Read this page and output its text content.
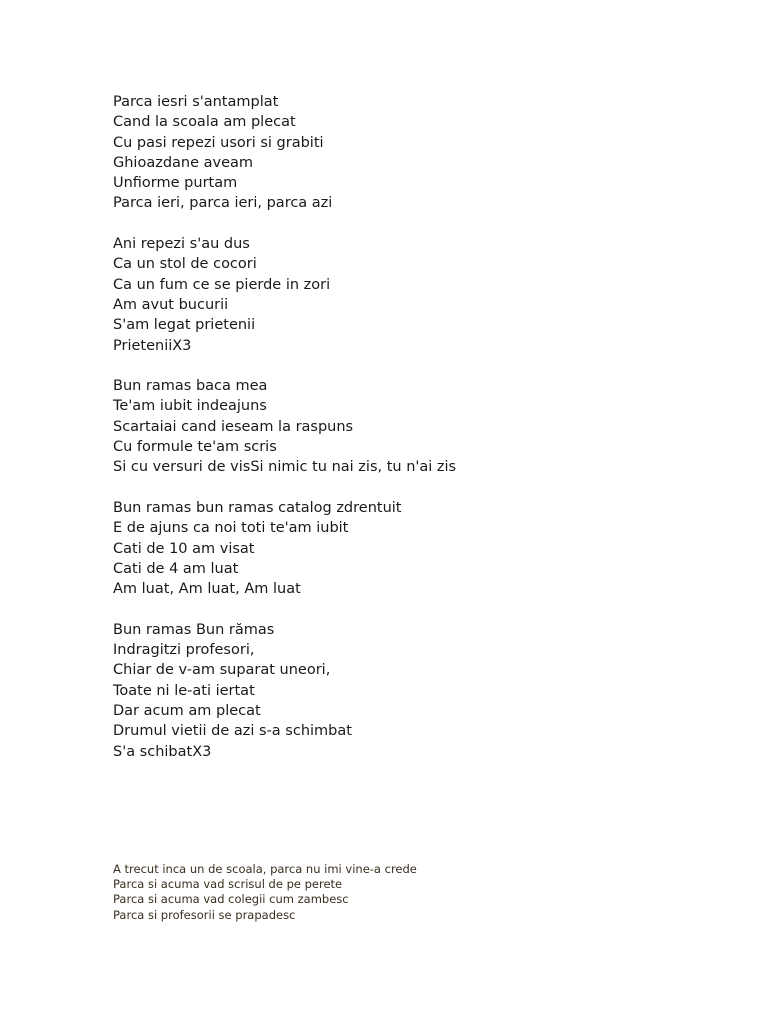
Parca iesri s'antamplat
Cand la scoala am plecat
Cu pasi repezi usori si grabiti
Ghioazdane aveam
Unfiorme purtam
Parca ieri, parca ieri, parca azi
Ani repezi s'au dus
Ca un stol de cocori
Ca un fum ce se pierde in zori
Am avut bucurii
S'am legat prietenii
PrieteniiX3
Bun ramas baca mea
Te'am iubit indeajuns
Scartaiai cand ieseam la raspuns
Cu formule te'am scris
Si cu versuri de visSi nimic tu nai zis, tu n'ai zis
Bun ramas bun ramas catalog zdrentuit
E de ajuns ca noi toti te'am iubit
Cati de 10 am visat
Cati de 4 am luat
Am luat, Am luat, Am luat
Bun ramas Bun rămas
Indragitzi profesori,
Chiar de v-am suparat uneori,
Toate ni le-ati iertat
Dar acum am plecat
Drumul vietii de azi s-a schimbat
S'a schibatX3
A trecut inca un de scoala, parca nu imi vine-a crede
Parca si acuma vad scrisul de pe perete
Parca si acuma vad colegii cum zambesc
Parca si profesorii se prapadesc
